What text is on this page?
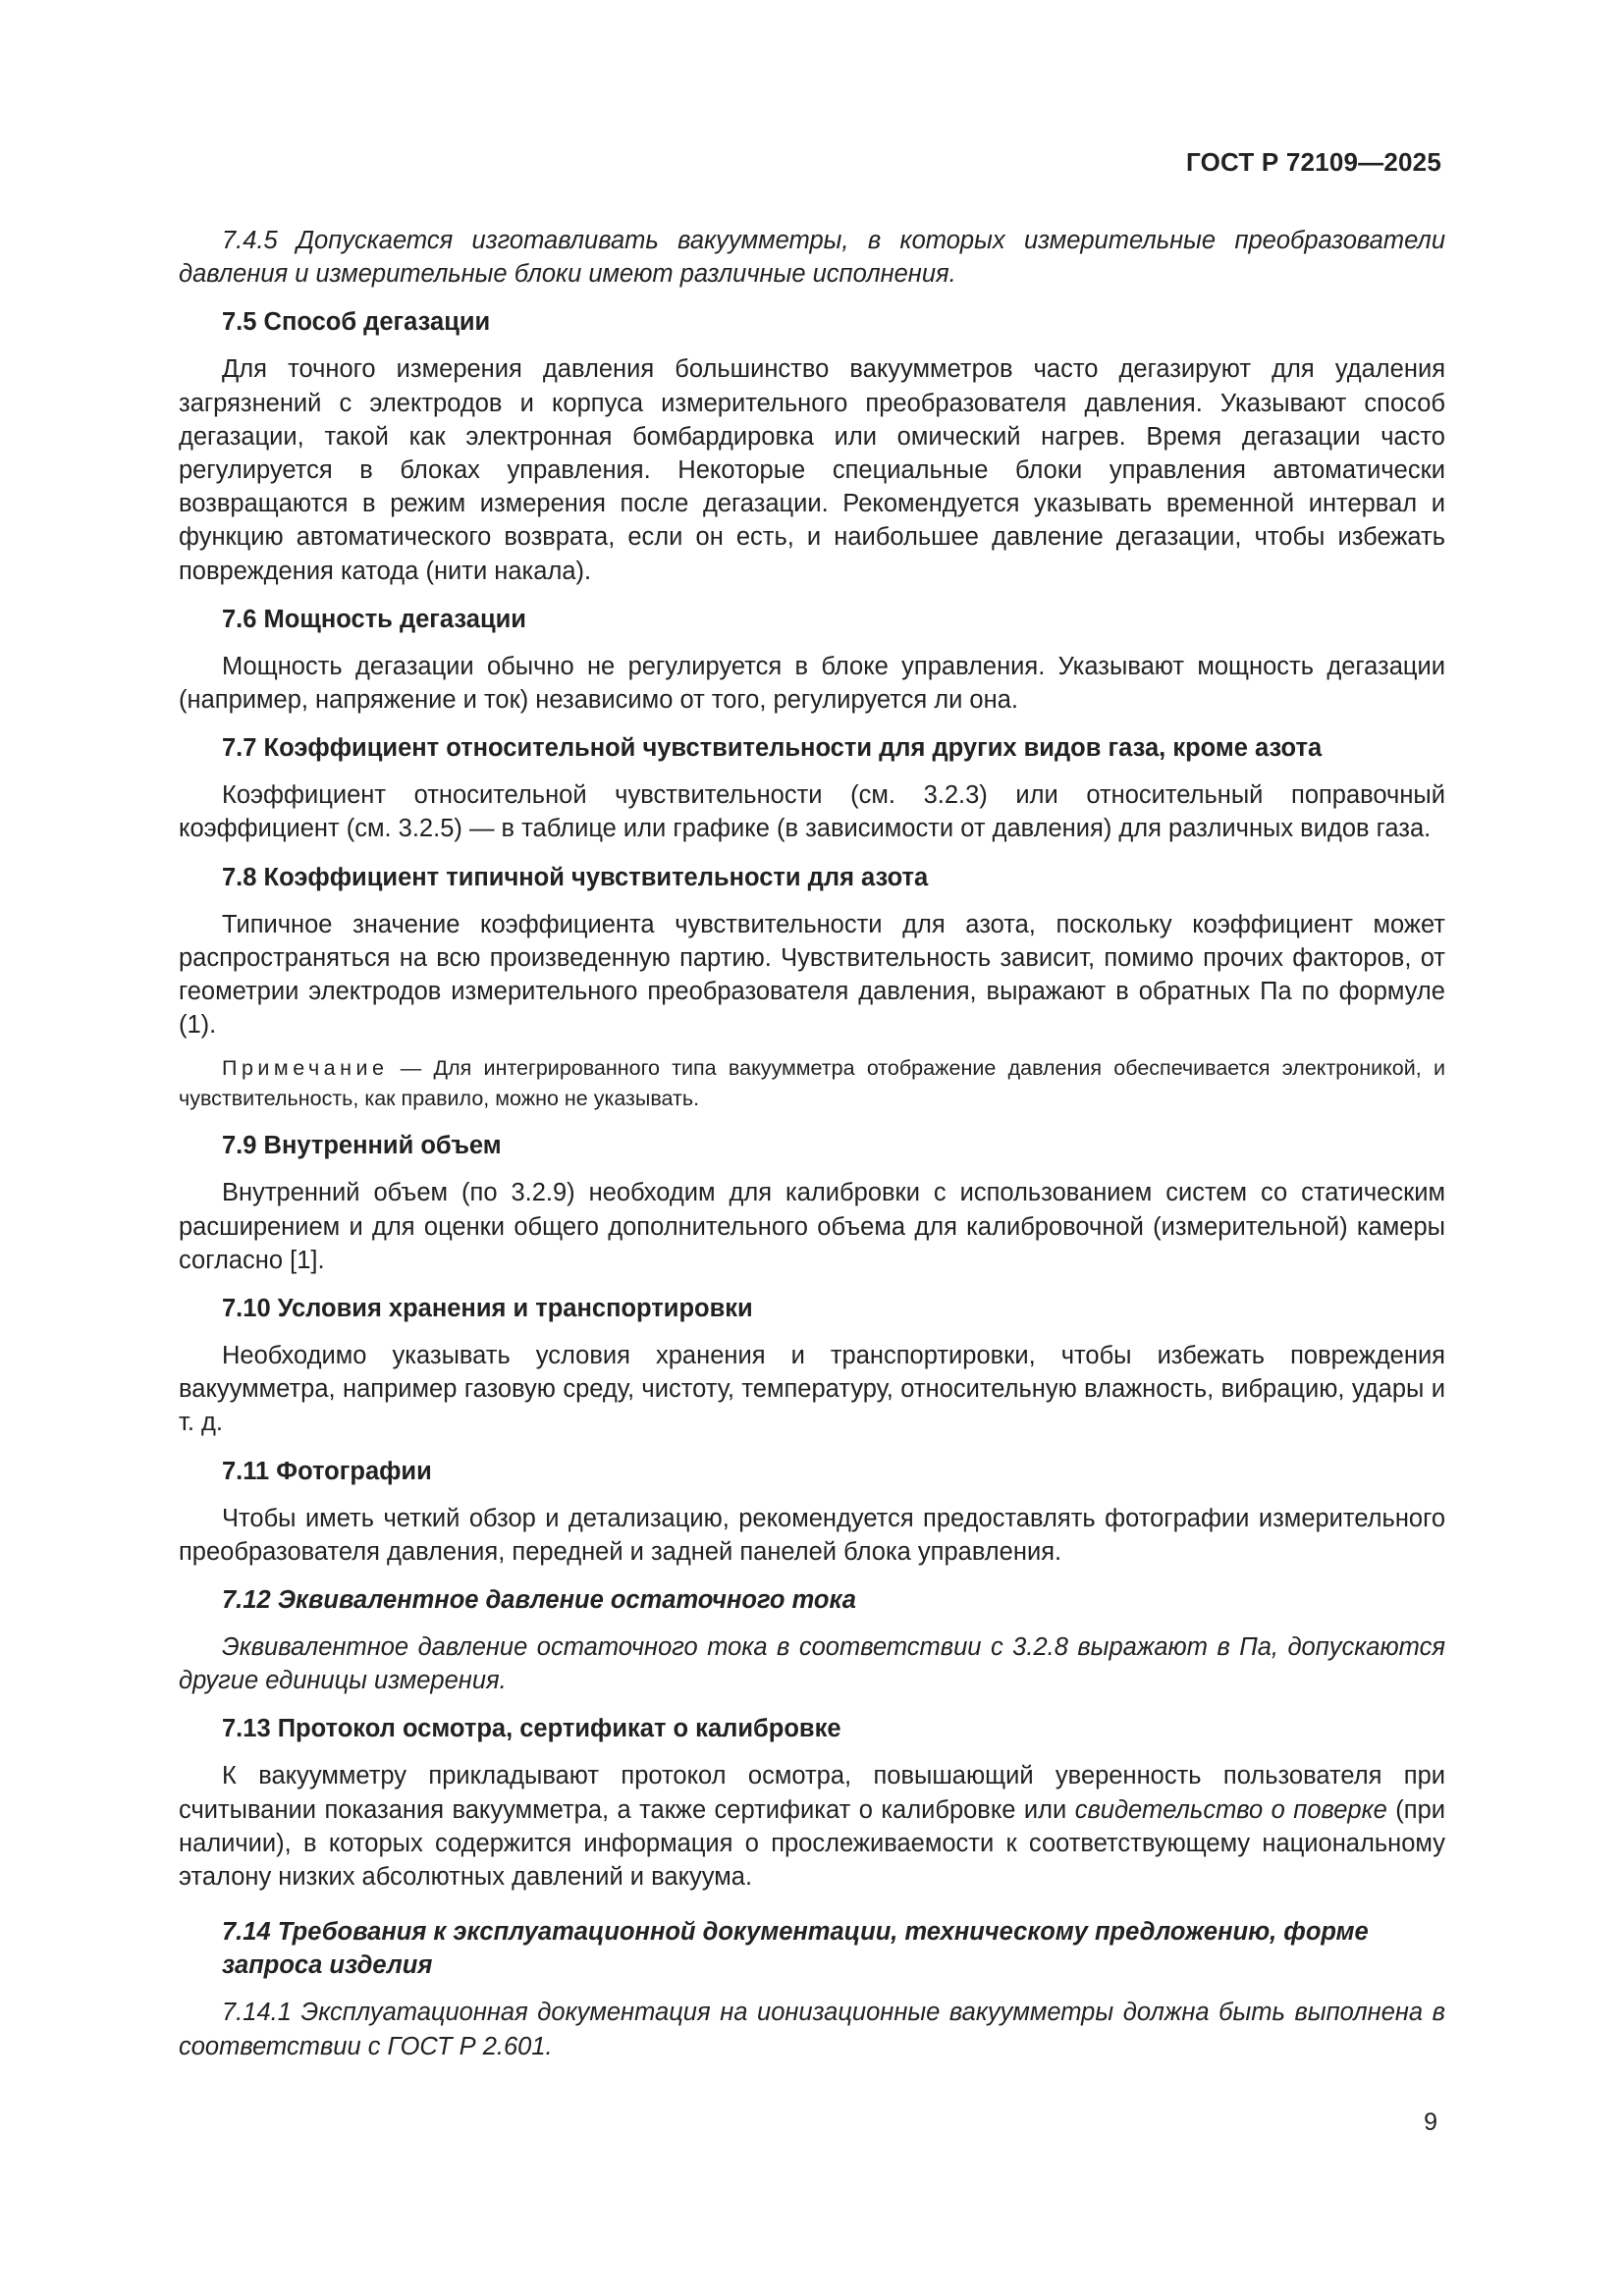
ГОСТ Р 72109—2025

7.4.5 Допускается изготавливать вакуумметры, в которых измерительные преобразователи давления и измерительные блоки имеют различные исполнения.

7.5 Способ дегазации

Для точного измерения давления большинство вакуумметров часто дегазируют для удаления загрязнений с электродов и корпуса измерительного преобразователя давления. Указывают способ дегазации, такой как электронная бомбардировка или омический нагрев. Время дегазации часто регулируется в блоках управления. Некоторые специальные блоки управления автоматически возвращаются в режим измерения после дегазации. Рекомендуется указывать временной интервал и функцию автоматического возврата, если он есть, и наибольшее давление дегазации, чтобы избежать повреждения катода (нити накала).

7.6 Мощность дегазации

Мощность дегазации обычно не регулируется в блоке управления. Указывают мощность дегазации (например, напряжение и ток) независимо от того, регулируется ли она.

7.7 Коэффициент относительной чувствительности для других видов газа, кроме азота

Коэффициент относительной чувствительности (см. 3.2.3) или относительный поправочный коэффициент (см. 3.2.5) — в таблице или графике (в зависимости от давления) для различных видов газа.

7.8 Коэффициент типичной чувствительности для азота

Типичное значение коэффициента чувствительности для азота, поскольку коэффициент может распространяться на всю произведенную партию. Чувствительность зависит, помимо прочих факторов, от геометрии электродов измерительного преобразователя давления, выражают в обратных Па по формуле (1).

Примечание — Для интегрированного типа вакуумметра отображение давления обеспечивается электроникой, и чувствительность, как правило, можно не указывать.

7.9 Внутренний объем

Внутренний объем (по 3.2.9) необходим для калибровки с использованием систем со статическим расширением и для оценки общего дополнительного объема для калибровочной (измерительной) камеры согласно [1].

7.10 Условия хранения и транспортировки

Необходимо указывать условия хранения и транспортировки, чтобы избежать повреждения вакуумметра, например газовую среду, чистоту, температуру, относительную влажность, вибрацию, удары и т. д.

7.11 Фотографии

Чтобы иметь четкий обзор и детализацию, рекомендуется предоставлять фотографии измерительного преобразователя давления, передней и задней панелей блока управления.

7.12 Эквивалентное давление остаточного тока

Эквивалентное давление остаточного тока в соответствии с 3.2.8 выражают в Па, допускаются другие единицы измерения.

7.13 Протокол осмотра, сертификат о калибровке

К вакуумметру прикладывают протокол осмотра, повышающий уверенность пользователя при считывании показания вакуумметра, а также сертификат о калибровке или свидетельство о поверке (при наличии), в которых содержится информация о прослеживаемости к соответствующему национальному эталону низких абсолютных давлений и вакуума.

7.14 Требования к эксплуатационной документации, техническому предложению, форме запроса изделия

7.14.1 Эксплуатационная документация на ионизационные вакуумметры должна быть выполнена в соответствии с ГОСТ Р 2.601.

9
